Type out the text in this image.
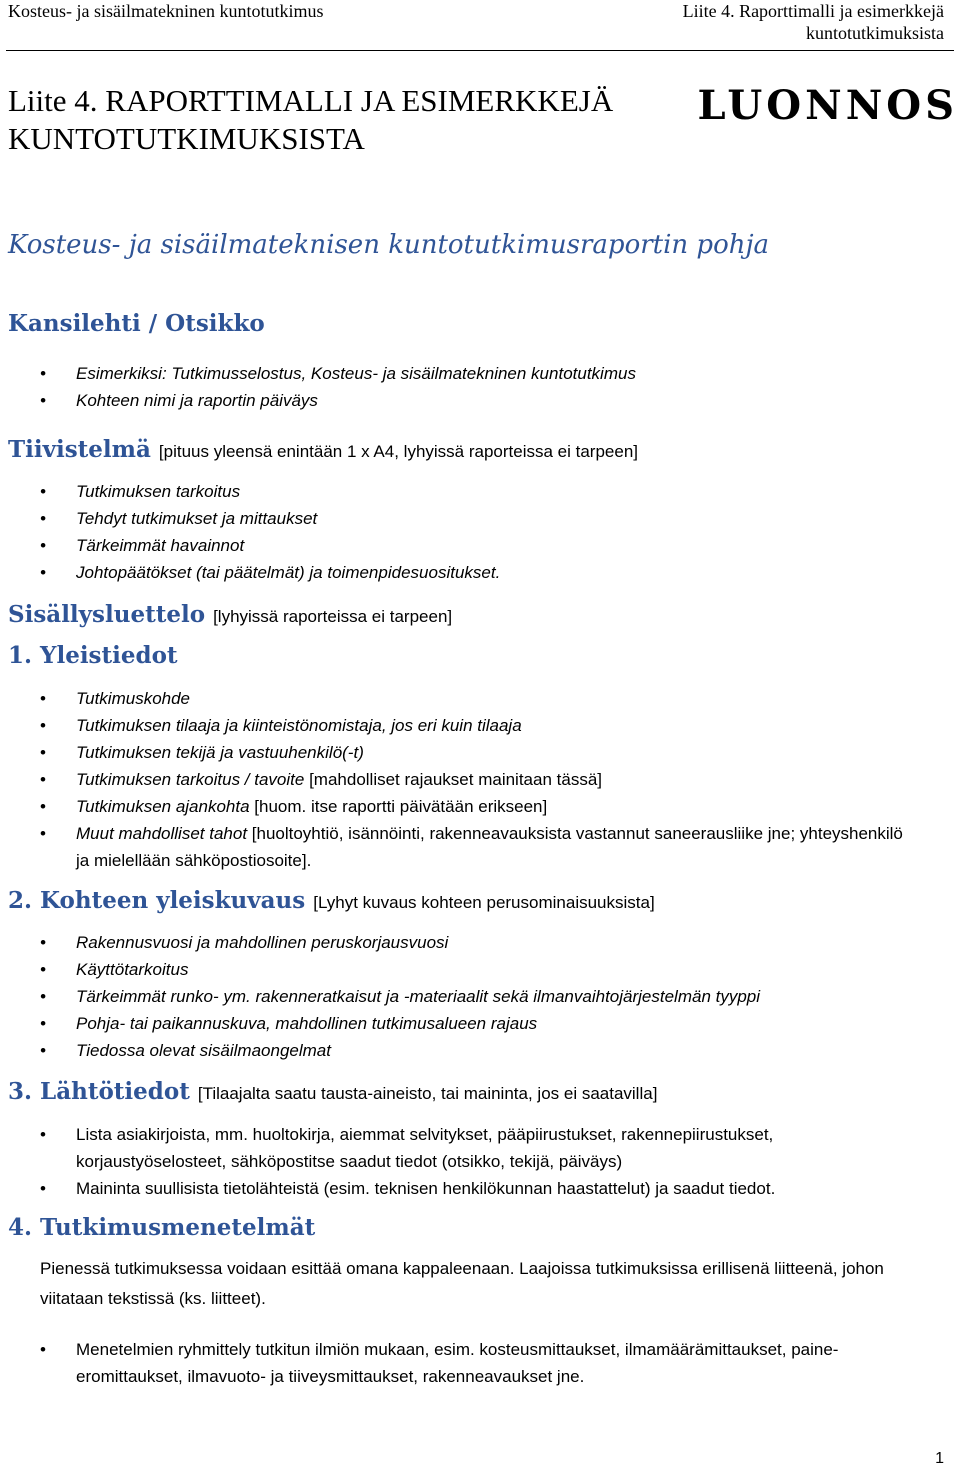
Kosteus- ja sisäilmatekninen kuntotutkimus	Liite 4. Raporttimalli ja esimerkkejä
kuntotutkimuksista
Liite 4. RAPORTTIMALLI JA ESIMERKKEJÄ
KUNTOTUTKIMUKSISTA
LUONNOS
Kosteus- ja sisäilmateknisen kuntotutkimusraportin pohja
Kansilehti / Otsikko
• Esimerkiksi: Tutkimusselostus, Kosteus- ja sisäilmatekninen kuntotutkimus
• Kohteen nimi ja raportin päiväys
Tiivistelmä [pituus yleensä enintään 1 x A4, lyhyissä raporteissa ei tarpeen]
• Tutkimuksen tarkoitus
• Tehdyt tutkimukset ja mittaukset
• Tärkeimmät havainnot
• Johtopäätökset (tai päätelmät) ja toimenpidesuositukset.
Sisällysluettelo [lyhyissä raporteissa ei tarpeen]
1. Yleistiedot
• Tutkimuskohde
• Tutkimuksen tilaaja ja kiinteistönomistaja, jos eri kuin tilaaja
• Tutkimuksen tekijä ja vastuuhenkilö(-t)
• Tutkimuksen tarkoitus / tavoite [mahdolliset rajaukset mainitaan tässä]
• Tutkimuksen ajankohta [huom. itse raportti päivätään erikseen]
• Muut mahdolliset tahot [huoltoyhtiö, isännöinti, rakenneavauksista vastannut saneerausliike jne; yhteyshenkilö ja mielellään sähköpostiosoite].
2. Kohteen yleiskuvaus [Lyhyt kuvaus kohteen perusominaisuuksista]
• Rakennusvuosi ja mahdollinen peruskorjausvuosi
• Käyttötarkoitus
• Tärkeimmät runko- ym. rakenneratkaisut ja -materiaalit sekä ilmanvaihtojärjestelmän tyyppi
• Pohja- tai paikannuskuva, mahdollinen tutkimusalueen rajaus
• Tiedossa olevat sisäilmaongelmat
3. Lähtötiedot [Tilaajalta saatu tausta-aineisto, tai maininta, jos ei saatavilla]
• Lista asiakirjoista, mm. huoltokirja, aiemmat selvitykset, pääpiirustukset, rakennepiirustukset, korjaustyöselosteet, sähköpostitse saadut tiedot (otsikko, tekijä, päiväys)
• Maininta suullisista tietolähteistä (esim. teknisen henkilökunnan haastattelut) ja saadut tiedot.
4. Tutkimusmenetelmät
Pienessä tutkimuksessa voidaan esittää omana kappaleenaan. Laajoissa tutkimuksissa erillisenä liitteenä, johon viitataan tekstissä (ks. liitteet).
• Menetelmien ryhmittely tutkitun ilmiön mukaan, esim. kosteusmittaukset, ilmamäärämittaukset, paine-eromittaukset, ilmavuoto- ja tiiveysmittaukset, rakenneavaukset jne.
1
